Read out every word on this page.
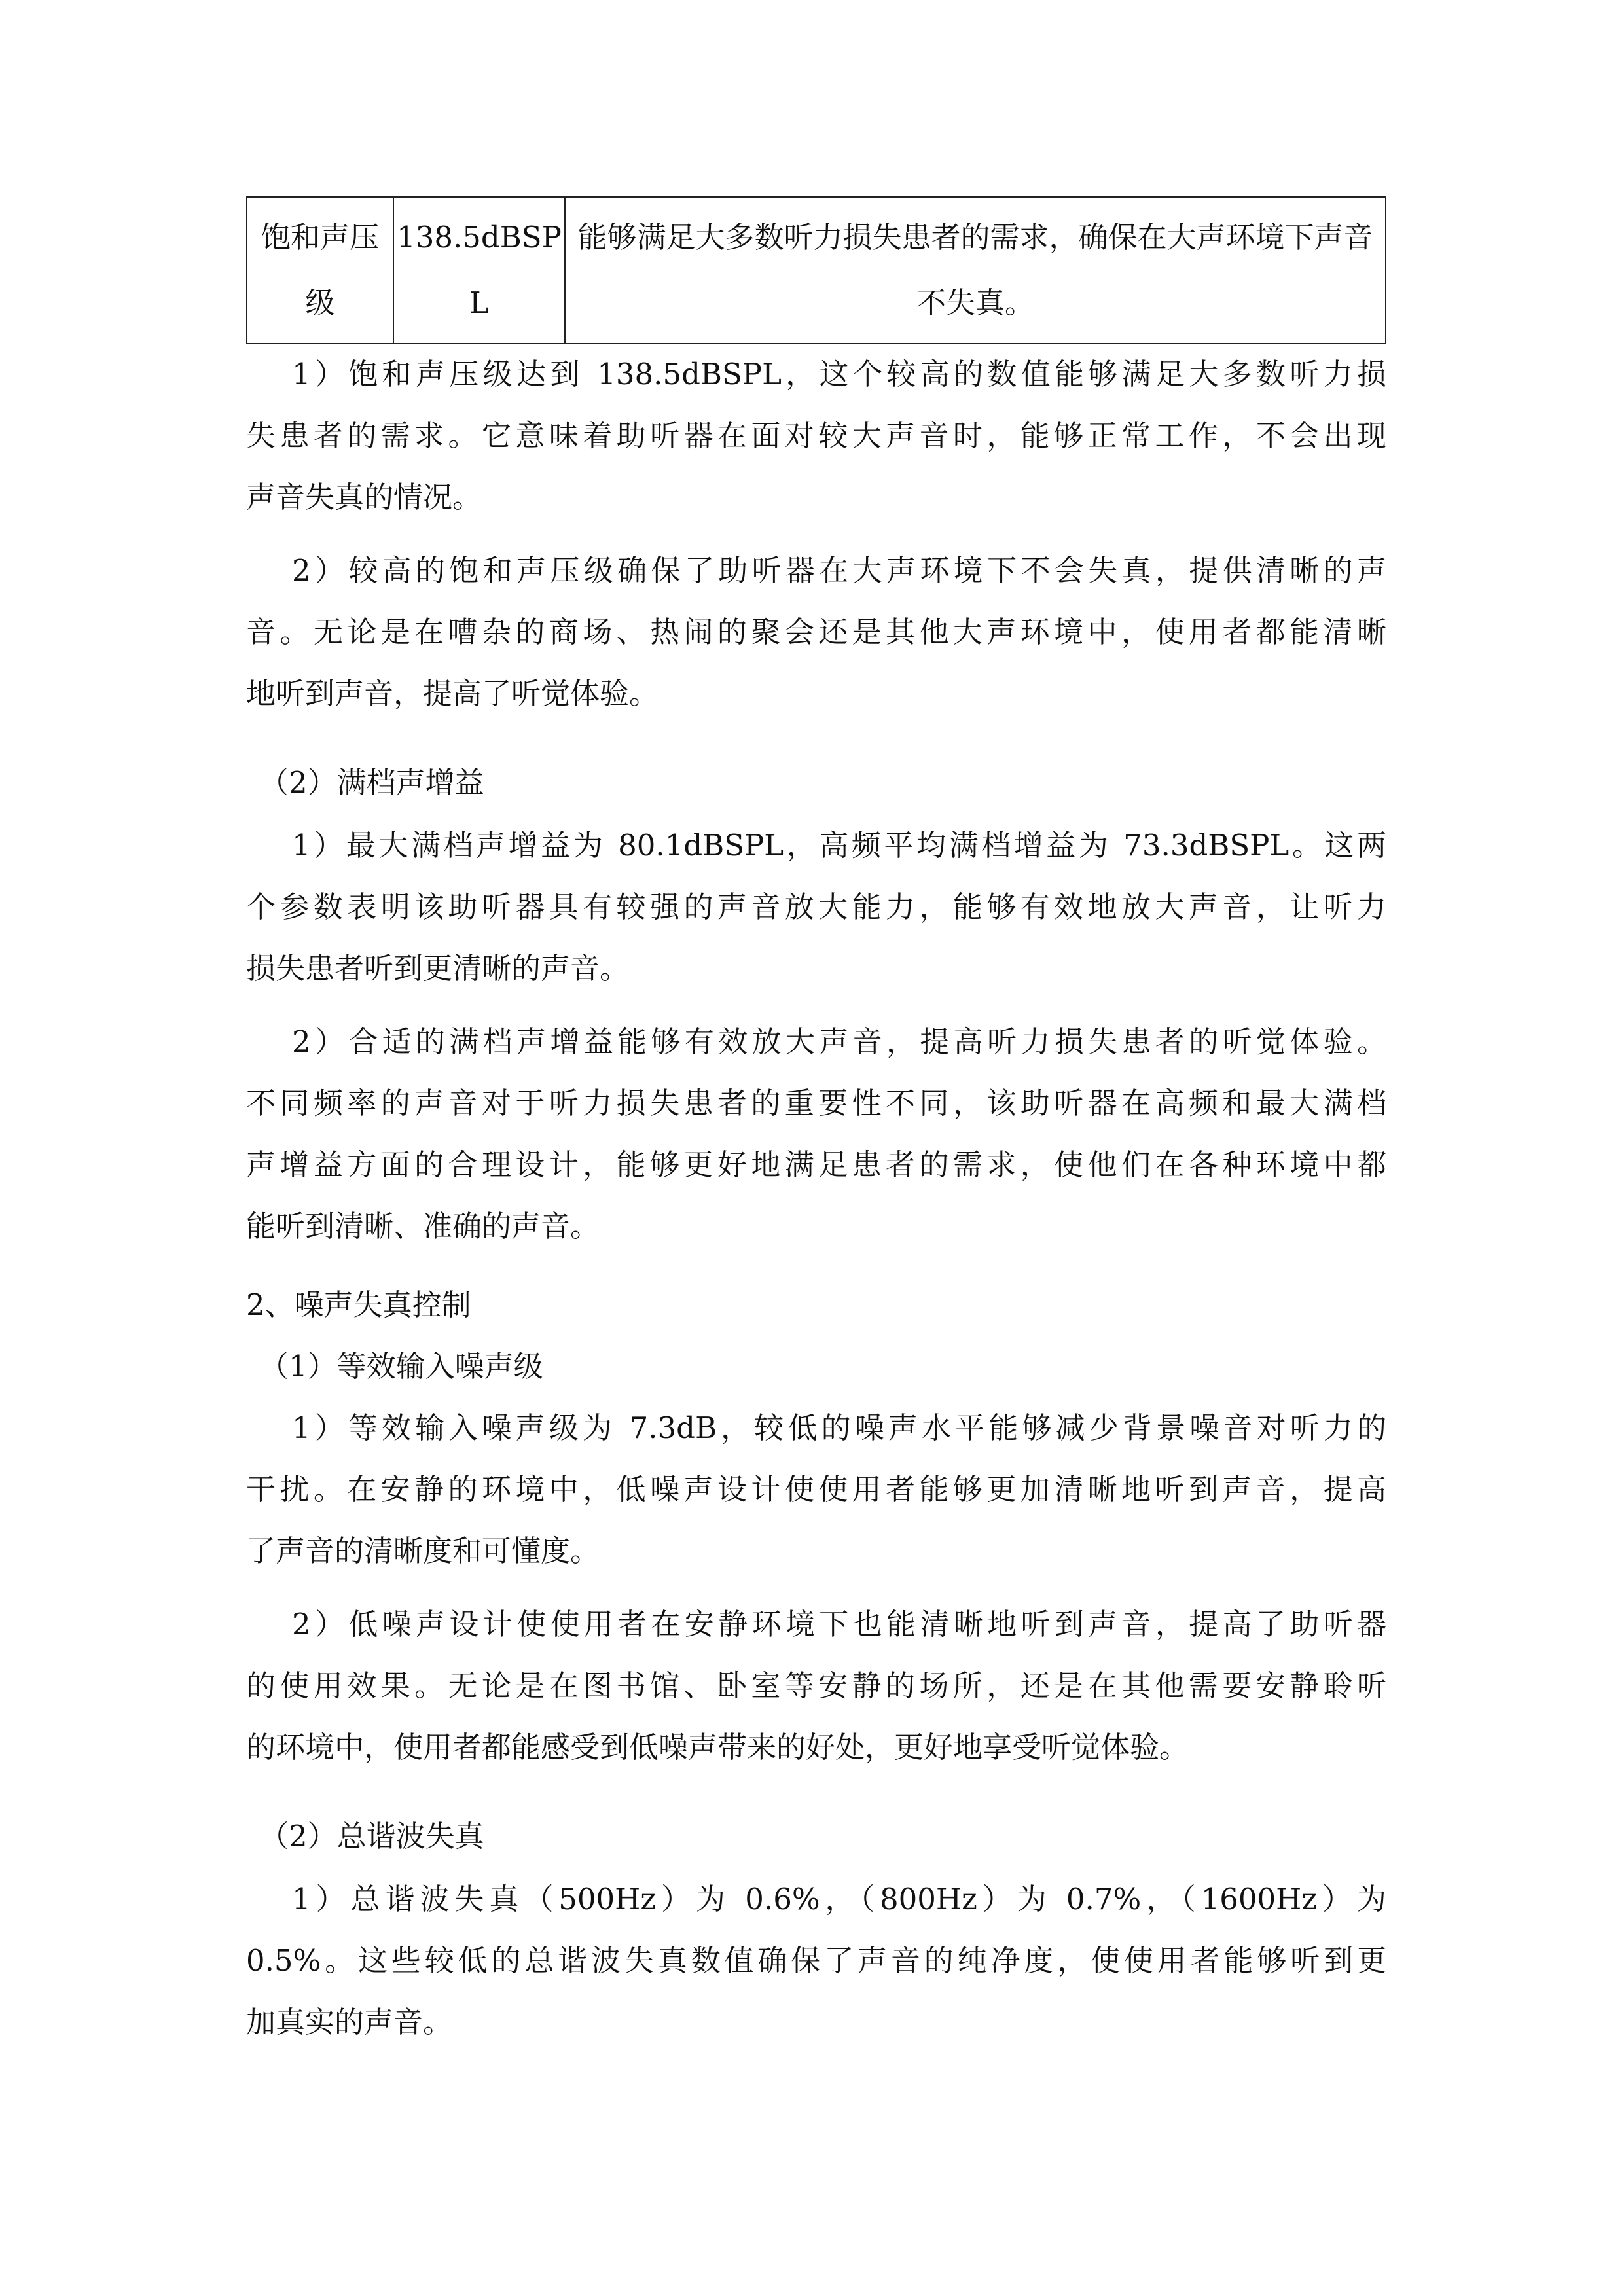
饱和声压级	138.5dBSPL	能够满足大多数听力损失患者的需求，确保在大声环境下声音不失真。

1）饱和声压级达到 138.5dBSPL，这个较高的数值能够满足大多数听力损

失患者的需求。它意味着助听器在面对较大声音时，能够正常工作，不会出现

声音失真的情况。

2）较高的饱和声压级确保了助听器在大声环境下不会失真，提供清晰的声

音。无论是在嘈杂的商场、热闹的聚会还是其他大声环境中，使用者都能清晰

地听到声音，提高了听觉体验。

（2）满档声增益

1）最大满档声增益为 80.1dBSPL，高频平均满档增益为 73.3dBSPL。这两

个参数表明该助听器具有较强的声音放大能力，能够有效地放大声音，让听力

损失患者听到更清晰的声音。

2）合适的满档声增益能够有效放大声音，提高听力损失患者的听觉体验。

不同频率的声音对于听力损失患者的重要性不同，该助听器在高频和最大满档

声增益方面的合理设计，能够更好地满足患者的需求，使他们在各种环境中都

能听到清晰、准确的声音。

2、噪声失真控制

（1）等效输入噪声级

1）等效输入噪声级为 7.3dB，较低的噪声水平能够减少背景噪音对听力的

干扰。在安静的环境中，低噪声设计使使用者能够更加清晰地听到声音，提高

了声音的清晰度和可懂度。

2）低噪声设计使使用者在安静环境下也能清晰地听到声音，提高了助听器

的使用效果。无论是在图书馆、卧室等安静的场所，还是在其他需要安静聆听

的环境中，使用者都能感受到低噪声带来的好处，更好地享受听觉体验。

（2）总谐波失真

1）总谐波失真（500Hz）为 0.6%，（800Hz）为 0.7%，（1600Hz）为

0.5%。这些较低的总谐波失真数值确保了声音的纯净度，使使用者能够听到更

加真实的声音。
